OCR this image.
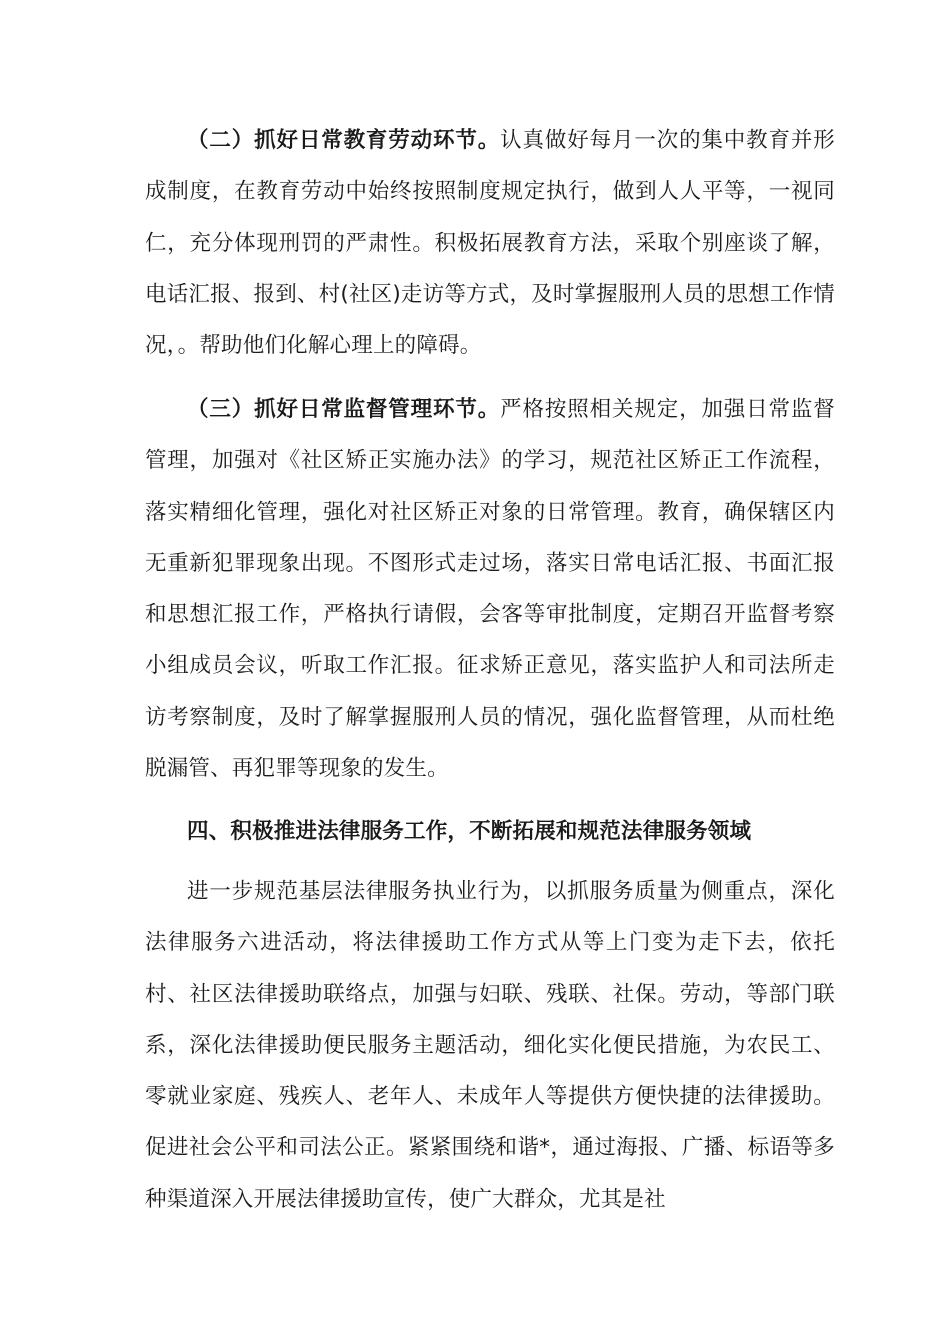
（二）抓好日常教育劳动环节。认真做好每月一次的集中教育并形成制度，在教育劳动中始终按照制度规定执行，做到人人平等，一视同仁，充分体现刑罚的严肃性。积极拓展教育方法，采取个别座谈了解，电话汇报、报到、村(社区)走访等方式，及时掌握服刑人员的思想工作情况，。帮助他们化解心理上的障碍。

（三）抓好日常监督管理环节。严格按照相关规定，加强日常监督管理，加强对《社区矫正实施办法》的学习，规范社区矫正工作流程，落实精细化管理，强化对社区矫正对象的日常管理。教育，确保辖区内无重新犯罪现象出现。不图形式走过场，落实日常电话汇报、书面汇报和思想汇报工作，严格执行请假，会客等审批制度，定期召开监督考察小组成员会议，听取工作汇报。征求矫正意见，落实监护人和司法所走访考察制度，及时了解掌握服刑人员的情况，强化监督管理，从而杜绝脱漏管、再犯罪等现象的发生。

四、积极推进法律服务工作，不断拓展和规范法律服务领域

进一步规范基层法律服务执业行为，以抓服务质量为侧重点，深化法律服务六进活动，将法律援助工作方式从等上门变为走下去，依托村、社区法律援助联络点，加强与妇联、残联、社保。劳动，等部门联系，深化法律援助便民服务主题活动，细化实化便民措施，为农民工、零就业家庭、残疾人、老年人、未成年人等提供方便快捷的法律援助。促进社会公平和司法公正。紧紧围绕和谐*，通过海报、广播、标语等多种渠道深入开展法律援助宣传，使广大群众，尤其是社
